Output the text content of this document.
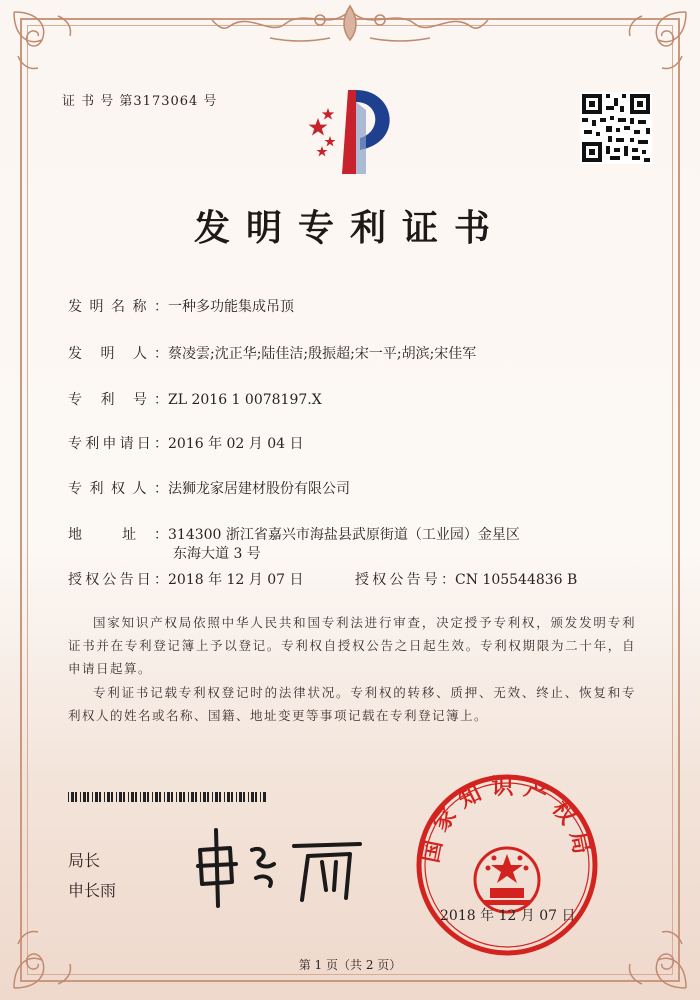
证 书 号 第3173064 号
发明专利证书
发明名称：一种多功能集成吊顶
发 明 人：蔡凌雲;沈正华;陆佳洁;殷振超;宋一平;胡滨;宋佳军
专 利 号：ZL 2016 1 0078197.X
专利申请日：2016 年 02 月 04 日
专利权人：法狮龙家居建材股份有限公司
地 址：314300 浙江省嘉兴市海盐县武原街道（工业园）金星区
东海大道 3 号
授权公告日：2018 年 12 月 07 日	授权公告号：CN 105544836 B

国家知识产权局依照中华人民共和国专利法进行审查，决定授予专利权，颁发发明专利证书并在专利登记簿上予以登记。专利权自授权公告之日起生效。专利权期限为二十年，自申请日起算。

专利证书记载专利权登记时的法律状况。专利权的转移、质押、无效、终止、恢复和专利权人的姓名或名称、国籍、地址变更等事项记载在专利登记簿上。

局长
申长雨
国家知识产权局
2018 年 12 月 07 日
第 1 页（共 2 页）
